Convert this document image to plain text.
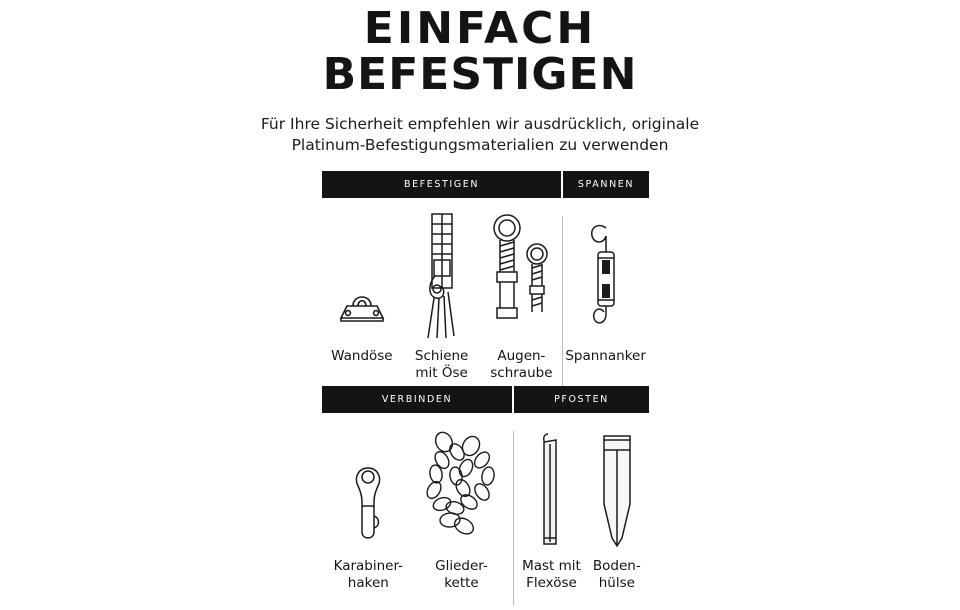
EINFACH
BEFESTIGEN
Für Ihre Sicherheit empfehlen wir ausdrücklich, originale
Platinum-Befestigungsmaterialien zu verwenden
BEFESTIGEN	SPANNEN
Wandöse Schiene
mit Öse
Augen-
schraube
Spannanker
VERBINDEN	PFOSTEN
Karabiner-
haken
Glieder-
kette
Mast mit
Flexöse
Boden-
hülse
